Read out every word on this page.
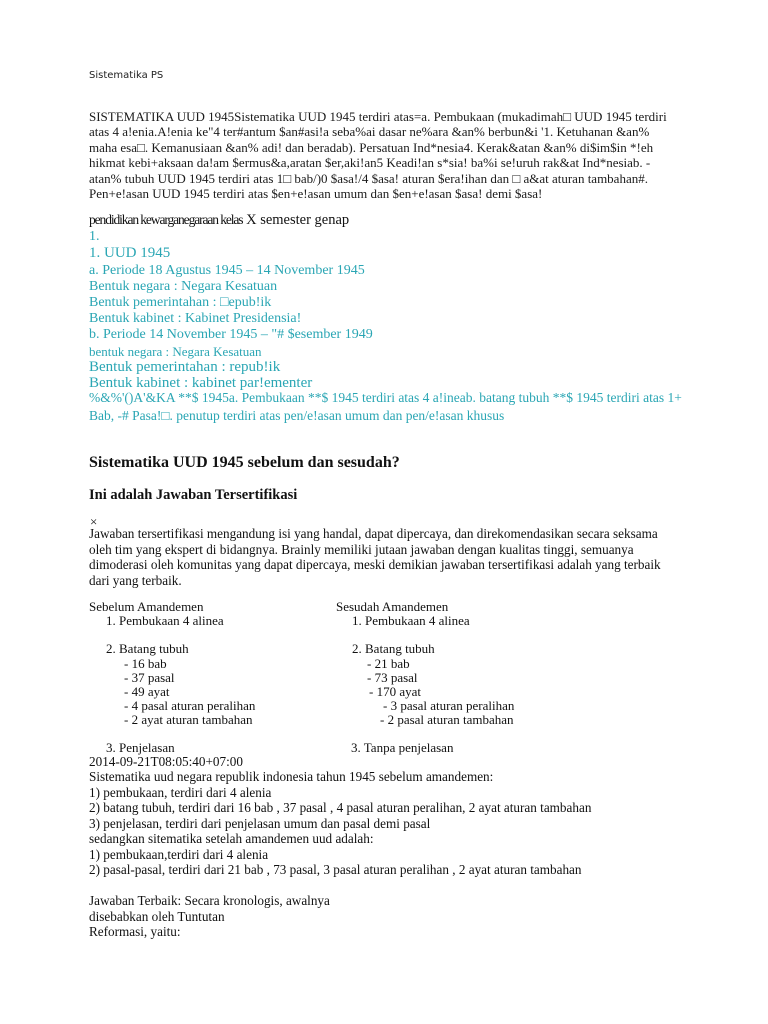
Sistematika PS
SISTEMATIKA UUD 1945Sistematika UUD 1945 terdiri atas=a. Pembukaan (mukadimah□ UUD 1945 terdiri atas 4 a!enia.A!enia ke"4 ter#antum $an#asi!a seba%ai dasar ne%ara &an% berbun&i '1. Ketuhanan &an% maha esa□. Kemanusiaan &an% adi! dan beradab). Persatuan Ind*nesia4. Kerak&atan &an% di$im$in *!eh hikmat kebi+aksaan da!am $ermus&a,aratan $er,aki!an5 Keadi!an s*sia! ba%i se!uruh rak&at Ind*nesiab. -atan% tubuh UUD 1945 terdiri atas 1□ bab/)0 $asa!/4 $asa! aturan $era!ihan dan □ a&at aturan tambahan#. Pen+e!asan UUD 1945 terdiri atas $en+e!asan umum dan $en+e!asan $asa! demi $asa!
pendidikan kewarganegaraan kelas X semester genap
1.
1. UUD 1945
a. Periode 18 Agustus 1945 – 14 November 1945
Bentuk negara : Negara Kesatuan
Bentuk pemerintahan : □epub!ik
Bentuk kabinet : Kabinet Presidensia!
b. Periode 14 November 1945 – "# $esember 1949
bentuk negara : Negara Kesatuan
Bentuk pemerintahan : repub!ik
Bentuk kabinet : kabinet par!ementer
%&%'()A'&KA **$ 1945a. Pembukaan **$ 1945 terdiri atas 4 a!ineab. batang tubuh **$ 1945 terdiri atas 1+ Bab, -# Pasa!□. penutup terdiri atas pen/e!asan umum dan pen/e!asan khusus
Sistematika UUD 1945 sebelum dan sesudah?
Ini adalah Jawaban Tersertifikasi
×
Jawaban tersertifikasi mengandung isi yang handal, dapat dipercaya, dan direkomendasikan secara seksama oleh tim yang ekspert di bidangnya. Brainly memiliki jutaan jawaban dengan kualitas tinggi, semuanya dimoderasi oleh komunitas yang dapat dipercaya, meski demikian jawaban tersertifikasi adalah yang terbaik dari yang terbaik.
Sebelum Amandemen
1. Pembukaan 4 alinea
2. Batang tubuh
- 16 bab
- 37 pasal
- 49 ayat
- 4 pasal aturan peralihan
- 2 ayat aturan tambahan
3. Penjelasan
Sesudah Amandemen
1. Pembukaan 4 alinea
2. Batang tubuh
- 21 bab
- 73 pasal
- 170 ayat
- 3 pasal aturan peralihan
- 2 pasal aturan tambahan
3. Tanpa penjelasan
2014-09-21T08:05:40+07:00
Sistematika uud negara republik indonesia tahun 1945 sebelum amandemen:
1) pembukaan, terdiri dari 4 alenia
2) batang tubuh, terdiri dari 16 bab , 37 pasal , 4 pasal aturan peralihan, 2 ayat aturan tambahan
3) penjelasan, terdiri dari penjelasan umum dan pasal demi pasal
sedangkan sitematika setelah amandemen uud adalah:
1) pembukaan,terdiri dari 4 alenia
2) pasal-pasal, terdiri dari 21 bab , 73 pasal, 3 pasal aturan peralihan , 2 ayat aturan tambahan
Jawaban Terbaik: Secara kronologis, awalnya
disebabkan oleh Tuntutan
Reformasi, yaitu:
